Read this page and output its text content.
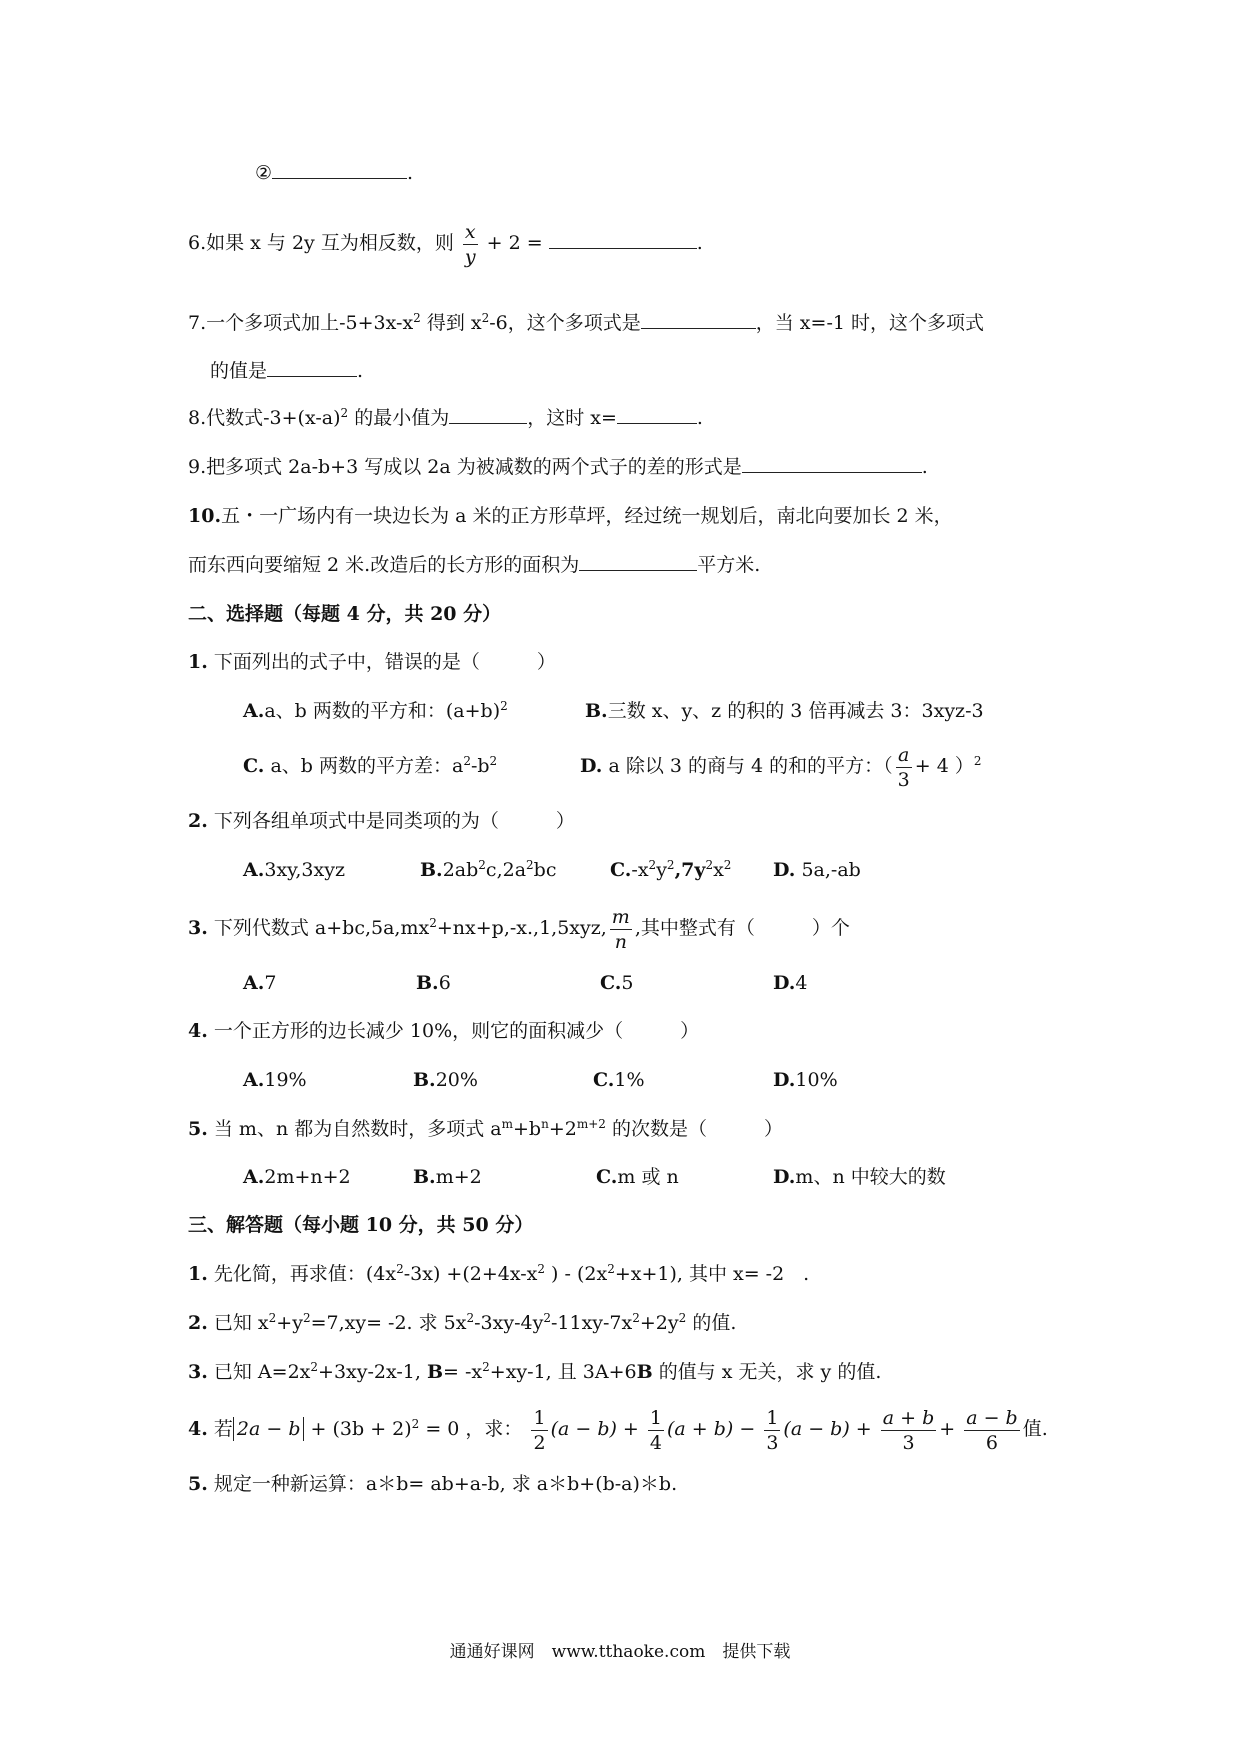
②	.
6.如果 x 与 2y 互为相反数，则 $\frac{x}{y} + 2$ =	.
7.一个多项式加上$-5+3x-x^2$ 得到 $x^2-6$，这个多项式是	，当 x=-1 时，这个多项式
的值是	.
8.代数式$-3+(x-a)^2$ 的最小值为	，这时 x=	.
9.把多项式 2a-b+3 写成以 2a 为被减数的两个式子的差的形式是	.
10.五・一广场内有一块边长为 a 米的正方形草坪，经过统一规划后，南北向要加长 2 米，
而东西向要缩短 2 米.改造后的长方形的面积为	平方米.
二、选择题（每题 4 分，共 20 分）
1. 下面列出的式子中，错误的是（　　　）
A.a、b 两数的平方和：$(a+b)^2$	B.三数 x、y、z 的积的 3 倍再减去 3：3xyz-3
C. a、b 两数的平方差：$a^2-b^2$	D. a 除以 3 的商与 4 的和的平方：（ $\frac{a}{3} + 4$ ）$^2$
2. 下列各组单项式中是同类项的为（　　　）
A.3xy,3xyz	$B.2ab^2c,2a^2bc$	$C.-x^2y^2,7y^2x^2$ D. 5a,-ab
3. 下列代数式 $a+bc,5a,mx^2+nx+p,-x.,1,5xyz$, $\frac{m}{n}$ ,其中整式有（　　　）个
A.7	B.6	C.5	D.4
4. 一个正方形的边长减少 10%，则它的面积减少（　　　）
A.19%	B.20%	C.1%	D.10%
5. 当 m、n 都为自然数时，多项式 $a^m+b^n+2^{m+2}$ 的次数是（　　　）
A.2m+n+2	B.m+2	C.m 或 n	D.m、n 中较大的数
三、解答题（每小题 10 分，共 50 分）
1. 先化简，再求值：$(4x^2-3x) +(2+4x-x^2$ ) - $(2x^2+x+1)$, 其中 x= -2　.
2. 已知 $x^2+y^2=7,xy= -2$. 求 $5x^2-3xy-4y^2-11xy-7x^2+2y^2$ 的值.
3. 已知 $A=2x^2+3xy-2x-1$, $B= -x^2+xy-1$, 且 3A+6B 的值与 x 无关，求 y 的值.
4. 若 $2a - b + (3b + 2)^2 = 0$ ，求： $\frac{1}{2} (a - b) + \frac{1}{4} (a + b) - \frac{1}{3} (a - b) + \frac{a + b}{3} + \frac{a - b}{6}$ 值.
5. 规定一种新运算：a＊b= ab+a-b, 求 a＊b+(b-a)＊b.
通通好课网　www.tthaoke.com　提供下载
